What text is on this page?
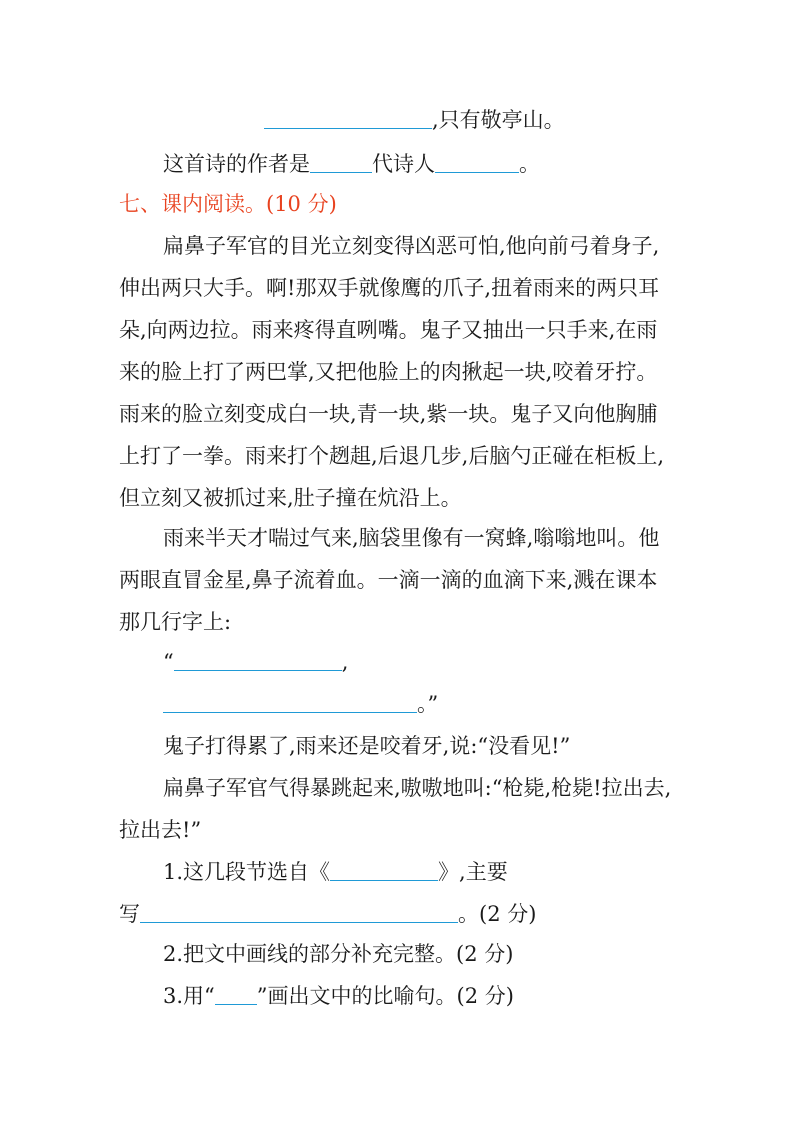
,只有敬亭山。
这首诗的作者是	代诗人	。
七、课内阅读。(10 分)
扁鼻子军官的目光立刻变得凶恶可怕,他向前弓着身子,
伸出两只大手。啊!那双手就像鹰的爪子,扭着雨来的两只耳
朵,向两边拉。雨来疼得直咧嘴。鬼子又抽出一只手来,在雨
来的脸上打了两巴掌,又把他脸上的肉揪起一块,咬着牙拧。
雨来的脸立刻变成白一块,青一块,紫一块。鬼子又向他胸脯
上打了一拳。雨来打个趔趄,后退几步,后脑勺正碰在柜板上,
但立刻又被抓过来,肚子撞在炕沿上。
雨来半天才喘过气来,脑袋里像有一窝蜂,嗡嗡地叫。他
两眼直冒金星,鼻子流着血。一滴一滴的血滴下来,溅在课本
那几行字上:
“	,
。”
鬼子打得累了,雨来还是咬着牙,说:“没看见!”
扁鼻子军官气得暴跳起来,嗷嗷地叫:“枪毙,枪毙!拉出去,
拉出去!”
1.这几段节选自《	》,主要
写	。(2 分)
2.把文中画线的部分补充完整。(2 分)
3.用“ ”画出文中的比喻句。(2 分)
